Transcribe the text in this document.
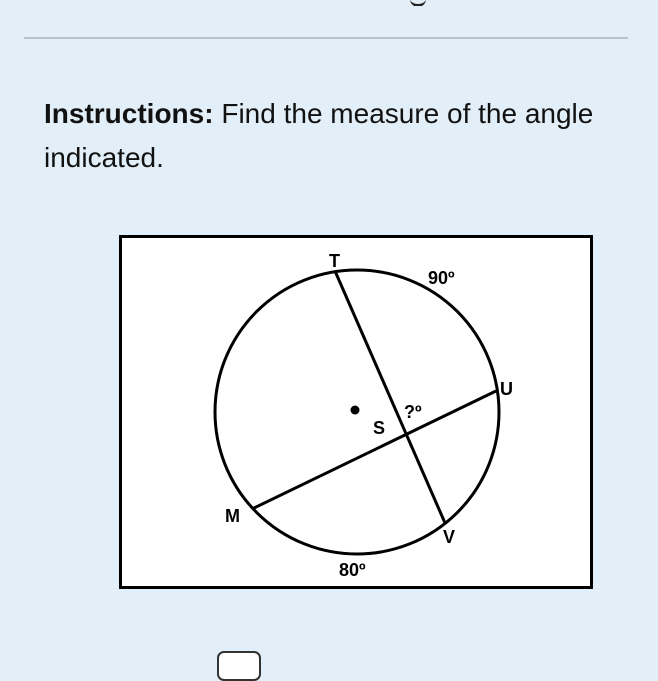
Instructions: Find the measure of the angle indicated.
T
U
M
V
S
90º
80º
?º
